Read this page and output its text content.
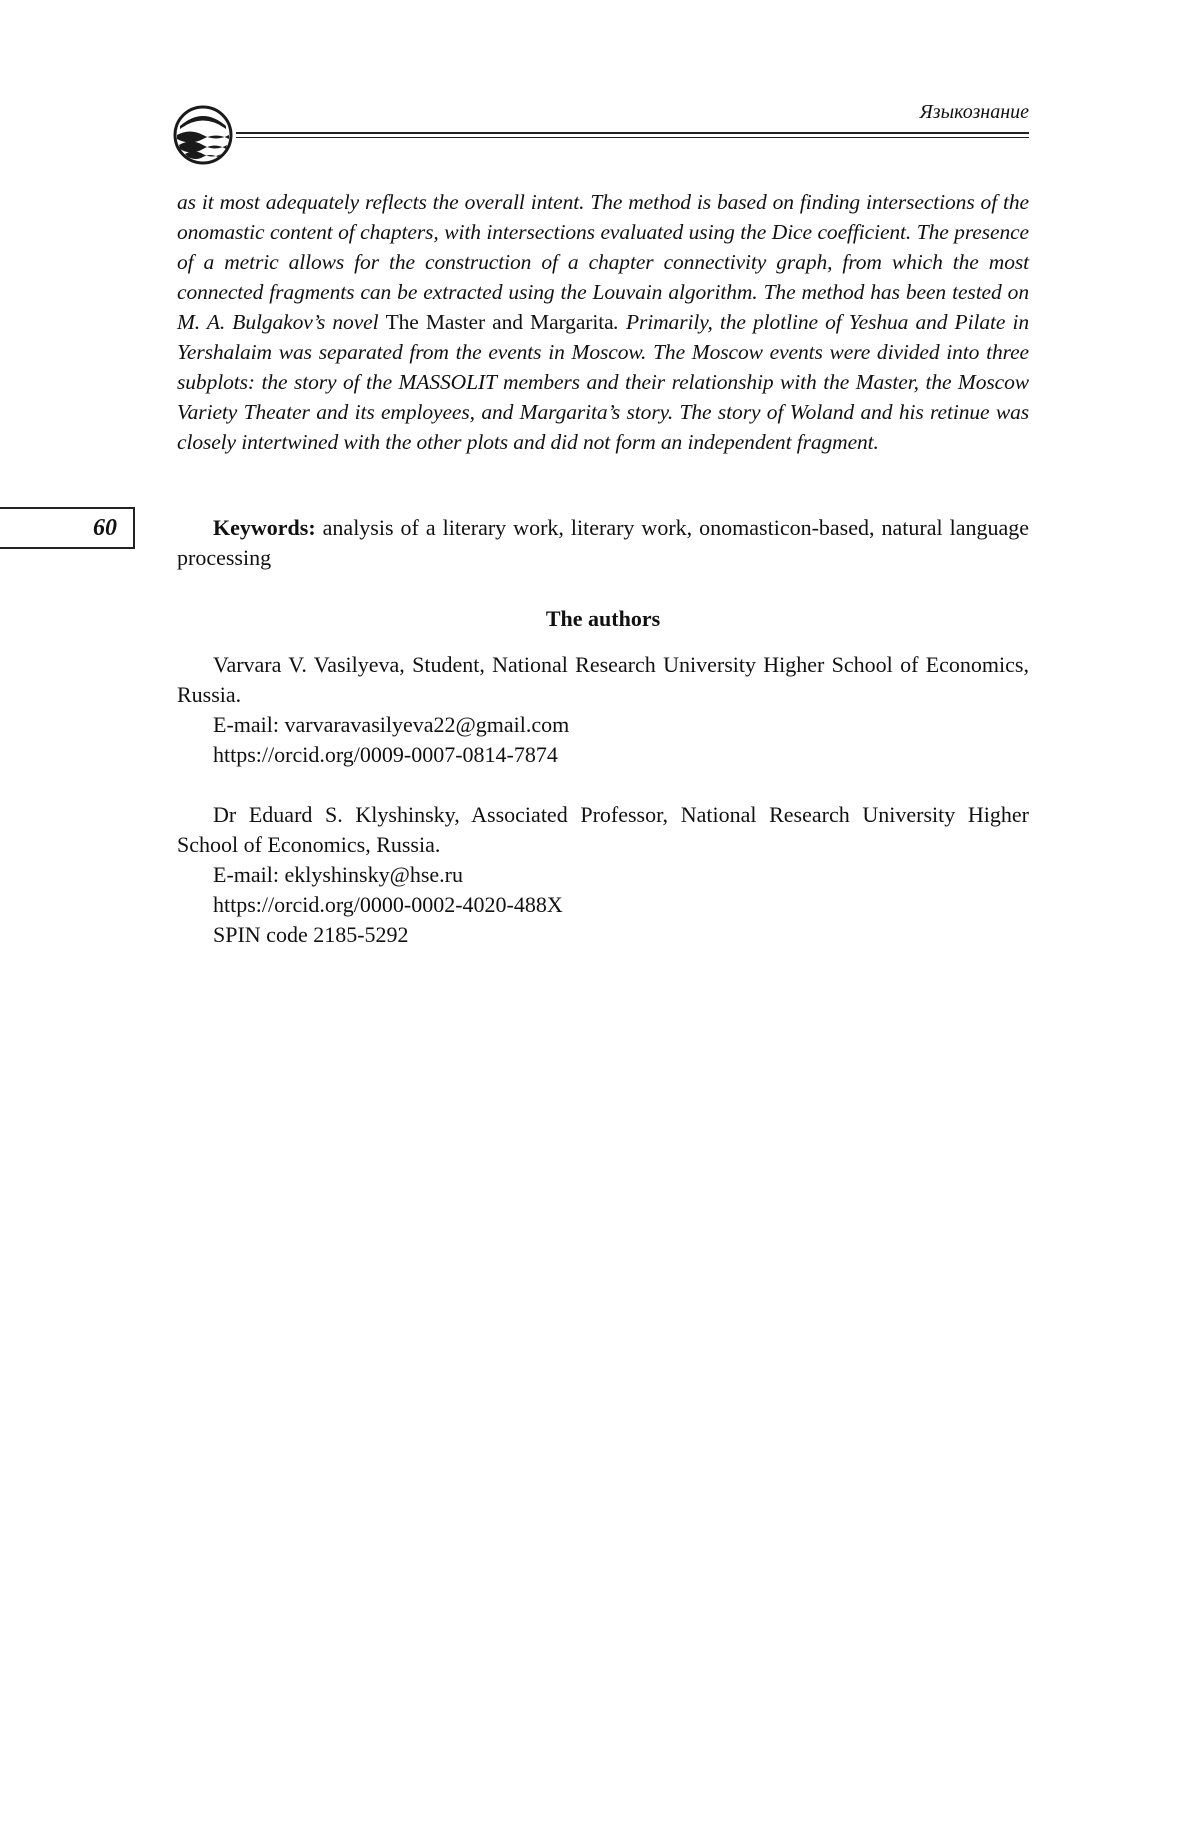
Языкознание
as it most adequately reflects the overall intent. The method is based on finding intersections of the onomastic content of chapters, with intersections evaluated using the Dice coefficient. The presence of a metric allows for the construction of a chapter connectivity graph, from which the most connected fragments can be extracted using the Louvain algorithm. The method has been tested on M. A. Bulgakov’s novel The Master and Margarita. Primarily, the plotline of Yeshua and Pilate in Yershalaim was separated from the events in Moscow. The Moscow events were divided into three subplots: the story of the MASSOLIT members and their relationship with the Master, the Moscow Variety Theater and its employees, and Margarita’s story. The story of Woland and his retinue was closely intertwined with the other plots and did not form an independent fragment.
60	Keywords: analysis of a literary work, literary work, onomasticon-based, natural language processing
The authors
Varvara V. Vasilyeva, Student, National Research University Higher School of Economics, Russia.
E-mail: varvaravasilyeva22@gmail.com
https://orcid.org/0009-0007-0814-7874
Dr Eduard S. Klyshinsky, Associated Professor, National Research University Higher School of Economics, Russia.
E-mail: eklyshinsky@hse.ru
https://orcid.org/0000-0002-4020-488X
SPIN code 2185-5292
